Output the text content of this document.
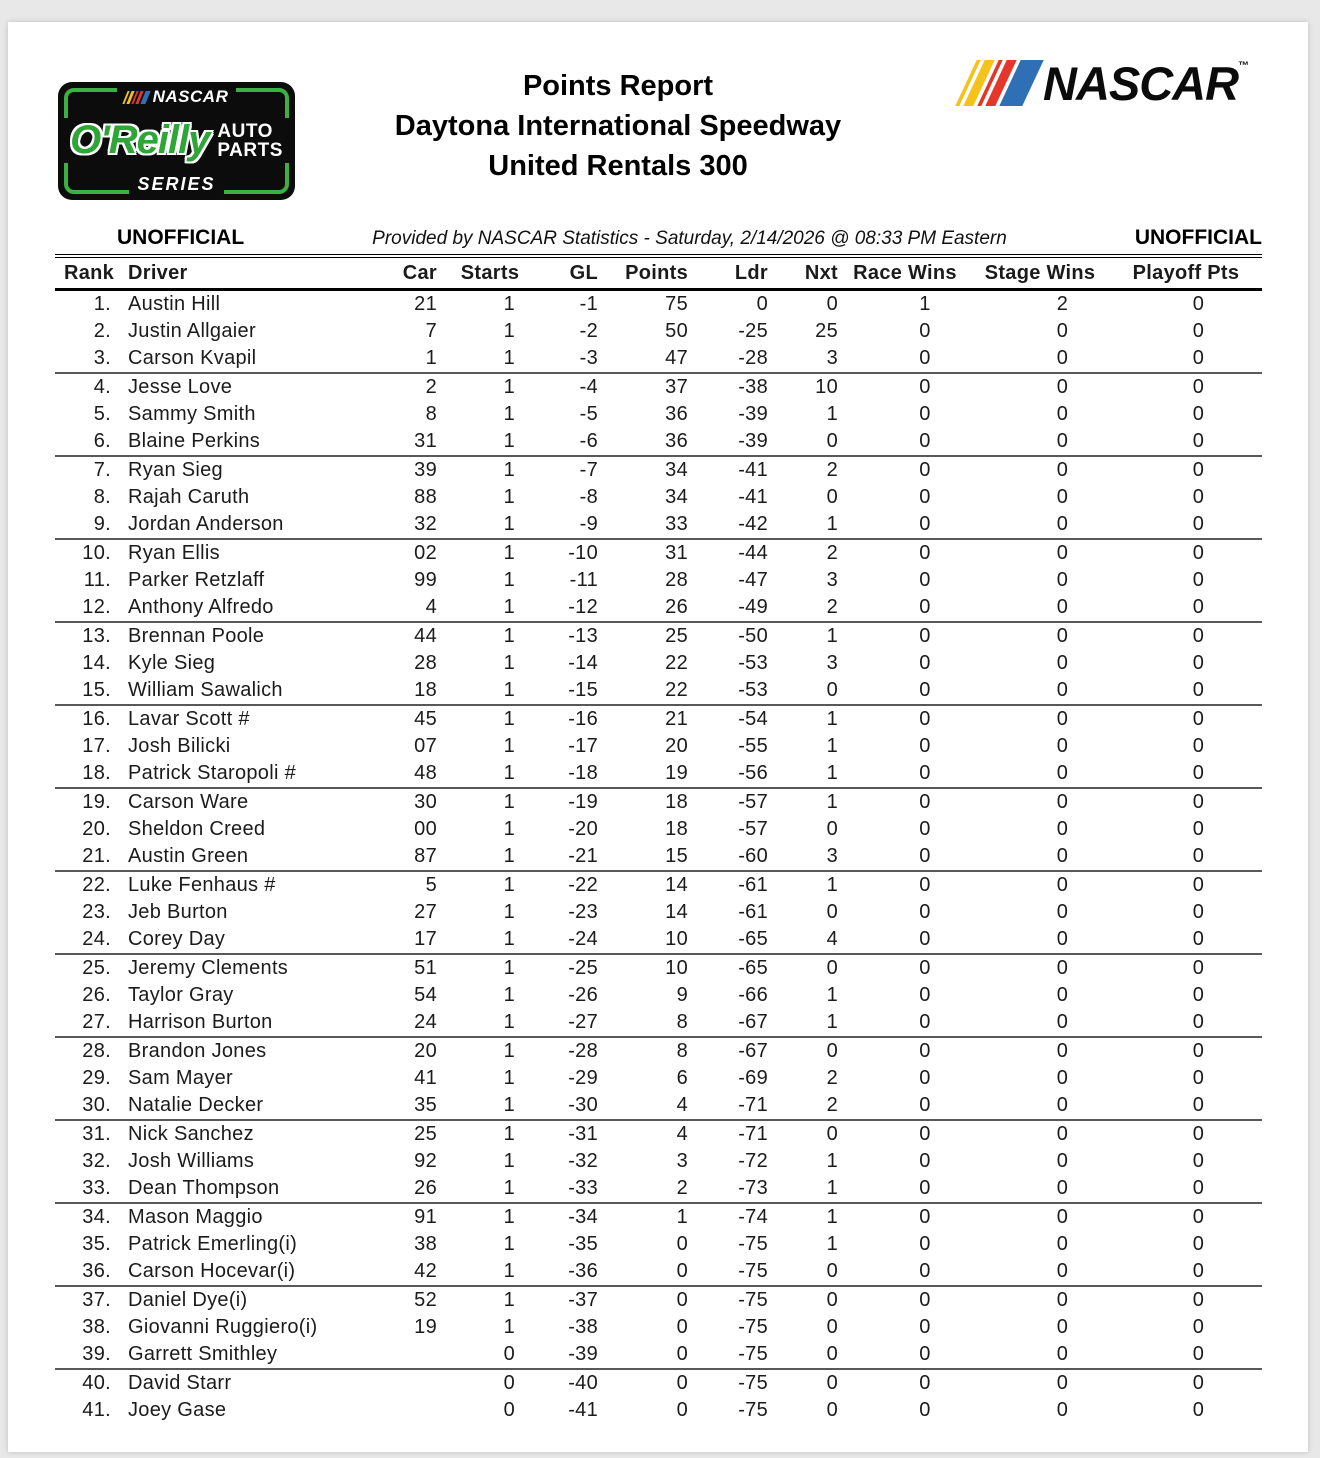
NASCAR
O'Reilly AUTO
PARTS
SERIES
Points Report
Daytona International Speedway
United Rentals 300
NASCAR ™
UNOFFICIAL	Provided by NASCAR Statistics - Saturday, 2/14/2026 @ 08:33 PM Eastern	UNOFFICIAL
Rank	Driver	Car	Starts	GL	Points	Ldr	Nxt	Race Wins	Stage Wins	Playoff Pts
1.	Austin Hill	21	1	-1	75	0	0	1	2	0
2.	Justin Allgaier	7	1	-2	50	-25	25	0	0	0
3.	Carson Kvapil	1	1	-3	47	-28	3	0	0	0
4.	Jesse Love	2	1	-4	37	-38	10	0	0	0
5.	Sammy Smith	8	1	-5	36	-39	1	0	0	0
6.	Blaine Perkins	31	1	-6	36	-39	0	0	0	0
7.	Ryan Sieg	39	1	-7	34	-41	2	0	0	0
8.	Rajah Caruth	88	1	-8	34	-41	0	0	0	0
9.	Jordan Anderson	32	1	-9	33	-42	1	0	0	0
10.	Ryan Ellis	02	1	-10	31	-44	2	0	0	0
11.	Parker Retzlaff	99	1	-11	28	-47	3	0	0	0
12.	Anthony Alfredo	4	1	-12	26	-49	2	0	0	0
13.	Brennan Poole	44	1	-13	25	-50	1	0	0	0
14.	Kyle Sieg	28	1	-14	22	-53	3	0	0	0
15.	William Sawalich	18	1	-15	22	-53	0	0	0	0
16.	Lavar Scott #	45	1	-16	21	-54	1	0	0	0
17.	Josh Bilicki	07	1	-17	20	-55	1	0	0	0
18.	Patrick Staropoli #	48	1	-18	19	-56	1	0	0	0
19.	Carson Ware	30	1	-19	18	-57	1	0	0	0
20.	Sheldon Creed	00	1	-20	18	-57	0	0	0	0
21.	Austin Green	87	1	-21	15	-60	3	0	0	0
22.	Luke Fenhaus #	5	1	-22	14	-61	1	0	0	0
23.	Jeb Burton	27	1	-23	14	-61	0	0	0	0
24.	Corey Day	17	1	-24	10	-65	4	0	0	0
25.	Jeremy Clements	51	1	-25	10	-65	0	0	0	0
26.	Taylor Gray	54	1	-26	9	-66	1	0	0	0
27.	Harrison Burton	24	1	-27	8	-67	1	0	0	0
28.	Brandon Jones	20	1	-28	8	-67	0	0	0	0
29.	Sam Mayer	41	1	-29	6	-69	2	0	0	0
30.	Natalie Decker	35	1	-30	4	-71	2	0	0	0
31.	Nick Sanchez	25	1	-31	4	-71	0	0	0	0
32.	Josh Williams	92	1	-32	3	-72	1	0	0	0
33.	Dean Thompson	26	1	-33	2	-73	1	0	0	0
34.	Mason Maggio	91	1	-34	1	-74	1	0	0	0
35.	Patrick Emerling(i)	38	1	-35	0	-75	1	0	0	0
36.	Carson Hocevar(i)	42	1	-36	0	-75	0	0	0	0
37.	Daniel Dye(i)	52	1	-37	0	-75	0	0	0	0
38.	Giovanni Ruggiero(i)	19	1	-38	0	-75	0	0	0	0
39.	Garrett Smithley		0	-39	0	-75	0	0	0	0
40.	David Starr		0	-40	0	-75	0	0	0	0
41.	Joey Gase		0	-41	0	-75	0	0	0	0
